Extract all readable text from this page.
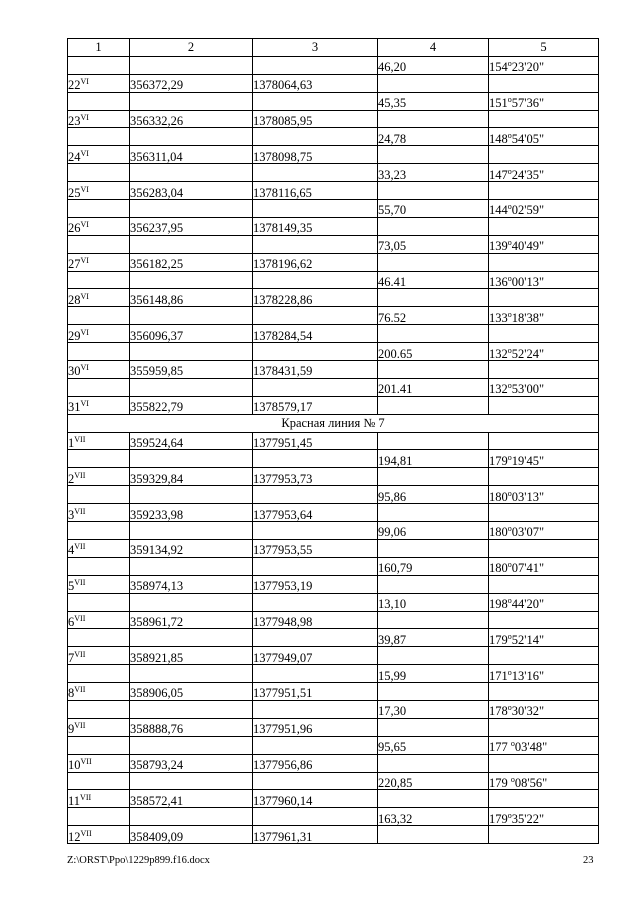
1	2	3	4	5
			46,20	154$^o$23'20"
$22^{VI}$	356372,29	1378064,63		
			45,35	151$^o$57'36"
$23^{VI}$	356332,26	1378085,95		
			24,78	148$^o$54'05"
$24^{VI}$	356311,04	1378098,75		
			33,23	147$^o$24'35"
$25^{VI}$	356283,04	1378116,65		
			55,70	144$^o$02'59"
$26^{VI}$	356237,95	1378149,35		
			73,05	139$^o$40'49"
$27^{VI}$	356182,25	1378196,62		
			46.41	136$^o$00'13"
$28^{VI}$	356148,86	1378228,86		
			76.52	133$^o$18'38"
$29^{VI}$	356096,37	1378284,54		
			200.65	132$^o$52'24"
$30^{VI}$	355959,85	1378431,59		
			201.41	132$^o$53'00"
$31^{VI}$	355822,79	1378579,17		
Красная линия № 7				
$1^{VII}$	359524,64	1377951,45		
			194,81	179$^o$19'45"
$2^{VII}$	359329,84	1377953,73		
			95,86	180$^o$03'13"
$3^{VII}$	359233,98	1377953,64		
			99,06	180$^o$03'07"
$4^{VII}$	359134,92	1377953,55		
			160,79	180$^o$07'41"
$5^{VII}$	358974,13	1377953,19		
			13,10	198$^o$44'20"
$6^{VII}$	358961,72	1377948,98		
			39,87	179$^o$52'14"
$7^{VII}$	358921,85	1377949,07		
			15,99	171$^o$13'16"
$8^{VII}$	358906,05	1377951,51		
			17,30	178$^o$30'32"
$9^{VII}$	358888,76	1377951,96		
			95,65	177 $^o$03'48"
$10^{VII}$	358793,24	1377956,86		
			220,85	179 $^o$08'56"
$11^{VII}$	358572,41	1377960,14		
			163,32	179$^o$35'22"
$12^{VII}$	358409,09	1377961,31		
Z:\ORST\Ppo\1229p899.f16.docx	23
